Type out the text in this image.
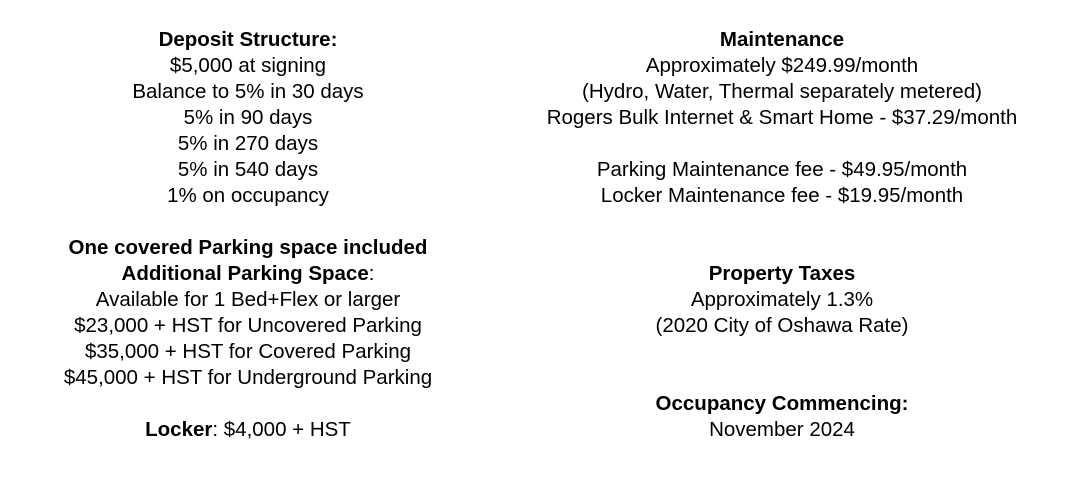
Deposit Structure:
$5,000 at signing
Balance to 5% in 30 days
5% in 90 days
5% in 270 days
5% in 540 days
1% on occupancy
One covered Parking space included
Additional Parking Space:
Available for 1 Bed+Flex or larger
$23,000 + HST for Uncovered Parking
$35,000 + HST for Covered Parking
$45,000 + HST for Underground Parking
Locker: $4,000 + HST
Maintenance
Approximately $249.99/month
(Hydro, Water, Thermal separately metered)
Rogers Bulk Internet & Smart Home - $37.29/month
Parking Maintenance fee - $49.95/month
Locker Maintenance fee - $19.95/month
Property Taxes
Approximately 1.3%
(2020 City of Oshawa Rate)
Occupancy Commencing:
November 2024
